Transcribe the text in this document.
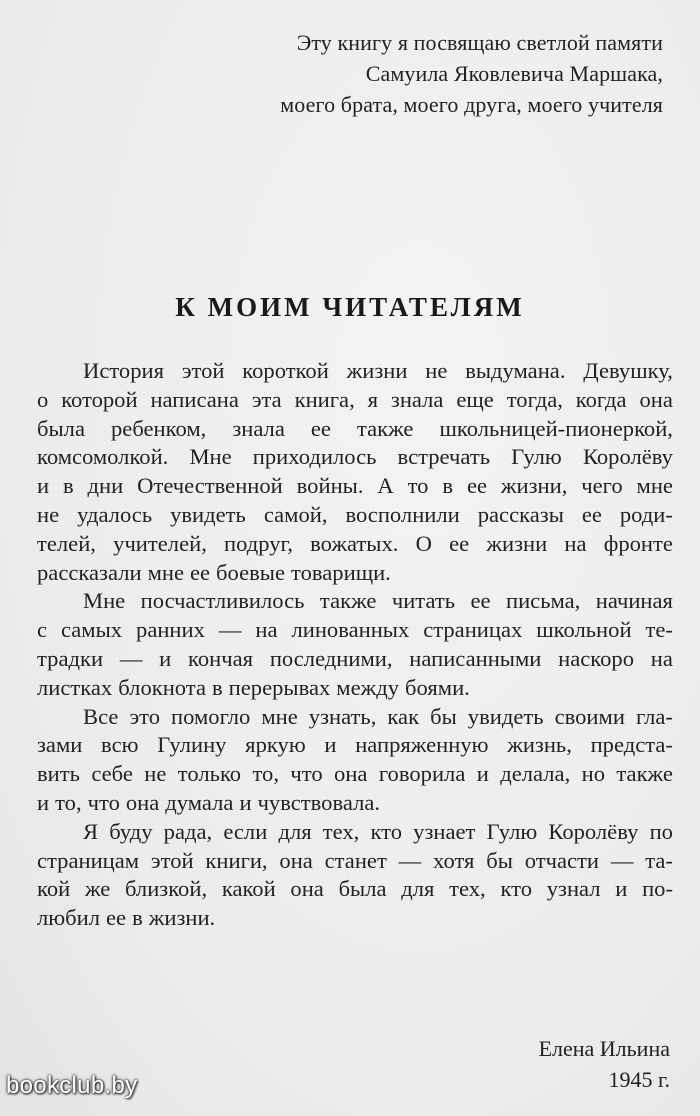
Эту книгу я посвящаю светлой памяти
Самуила Яковлевича Маршака,
моего брата, моего друга, моего учителя
К МОИМ ЧИТАТЕЛЯМ
История этой короткой жизни не выдумана. Девушку,
о которой написана эта книга, я знала еще тогда, когда она
была ребенком, знала ее также школьницей-пионеркой,
комсомолкой. Мне приходилось встречать Гулю Королёву
и в дни Отечественной войны. А то в ее жизни, чего мне
не удалось увидеть самой, восполнили рассказы ее роди-
телей, учителей, подруг, вожатых. О ее жизни на фронте
рассказали мне ее боевые товарищи.
Мне посчастливилось также читать ее письма, начиная
с самых ранних — на линованных страницах школьной те-
традки — и кончая последними, написанными наскоро на
листках блокнота в перерывах между боями.
Все это помогло мне узнать, как бы увидеть своими гла-
зами всю Гулину яркую и напряженную жизнь, предста-
вить себе не только то, что она говорила и делала, но также
и то, что она думала и чувствовала.
Я буду рада, если для тех, кто узнает Гулю Королёву по
страницам этой книги, она станет — хотя бы отчасти — та-
кой же близкой, какой она была для тех, кто узнал и по-
любил ее в жизни.
Елена Ильина
1945 г.
bookclub.by
